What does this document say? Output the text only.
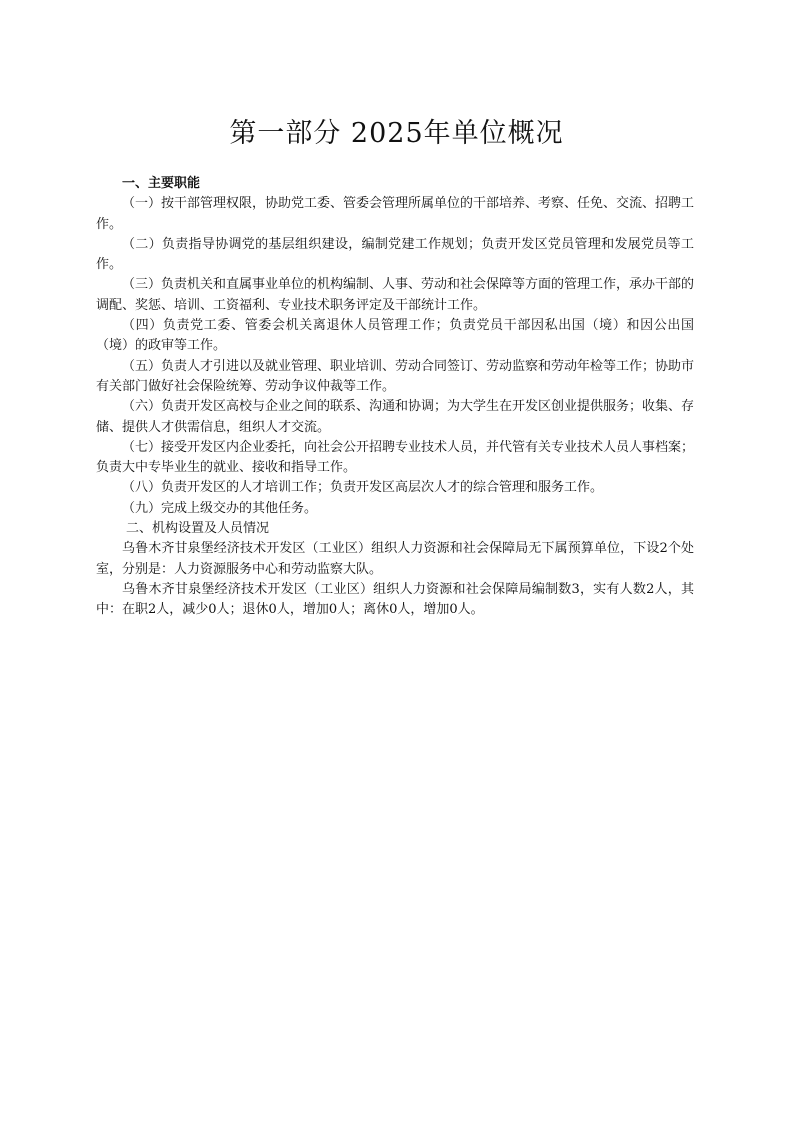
第一部分 2025年单位概况

一、主要职能

（一）按干部管理权限，协助党工委、管委会管理所属单位的干部培养、考察、任免、交流、招聘工作。

（二）负责指导协调党的基层组织建设，编制党建工作规划；负责开发区党员管理和发展党员等工作。

（三）负责机关和直属事业单位的机构编制、人事、劳动和社会保障等方面的管理工作，承办干部的调配、奖惩、培训、工资福利、专业技术职务评定及干部统计工作。

（四）负责党工委、管委会机关离退休人员管理工作；负责党员干部因私出国（境）和因公出国（境）的政审等工作。

（五）负责人才引进以及就业管理、职业培训、劳动合同签订、劳动监察和劳动年检等工作；协助市有关部门做好社会保险统筹、劳动争议仲裁等工作。

（六）负责开发区高校与企业之间的联系、沟通和协调；为大学生在开发区创业提供服务；收集、存储、提供人才供需信息，组织人才交流。

（七）接受开发区内企业委托，向社会公开招聘专业技术人员，并代管有关专业技术人员人事档案；负责大中专毕业生的就业、接收和指导工作。

（八）负责开发区的人才培训工作；负责开发区高层次人才的综合管理和服务工作。

（九）完成上级交办的其他任务。

二、机构设置及人员情况

乌鲁木齐甘泉堡经济技术开发区（工业区）组织人力资源和社会保障局无下属预算单位，下设2个处室，分别是：人力资源服务中心和劳动监察大队。

乌鲁木齐甘泉堡经济技术开发区（工业区）组织人力资源和社会保障局编制数3，实有人数2人，其中：在职2人，减少0人；退休0人，增加0人；离休0人，增加0人。
